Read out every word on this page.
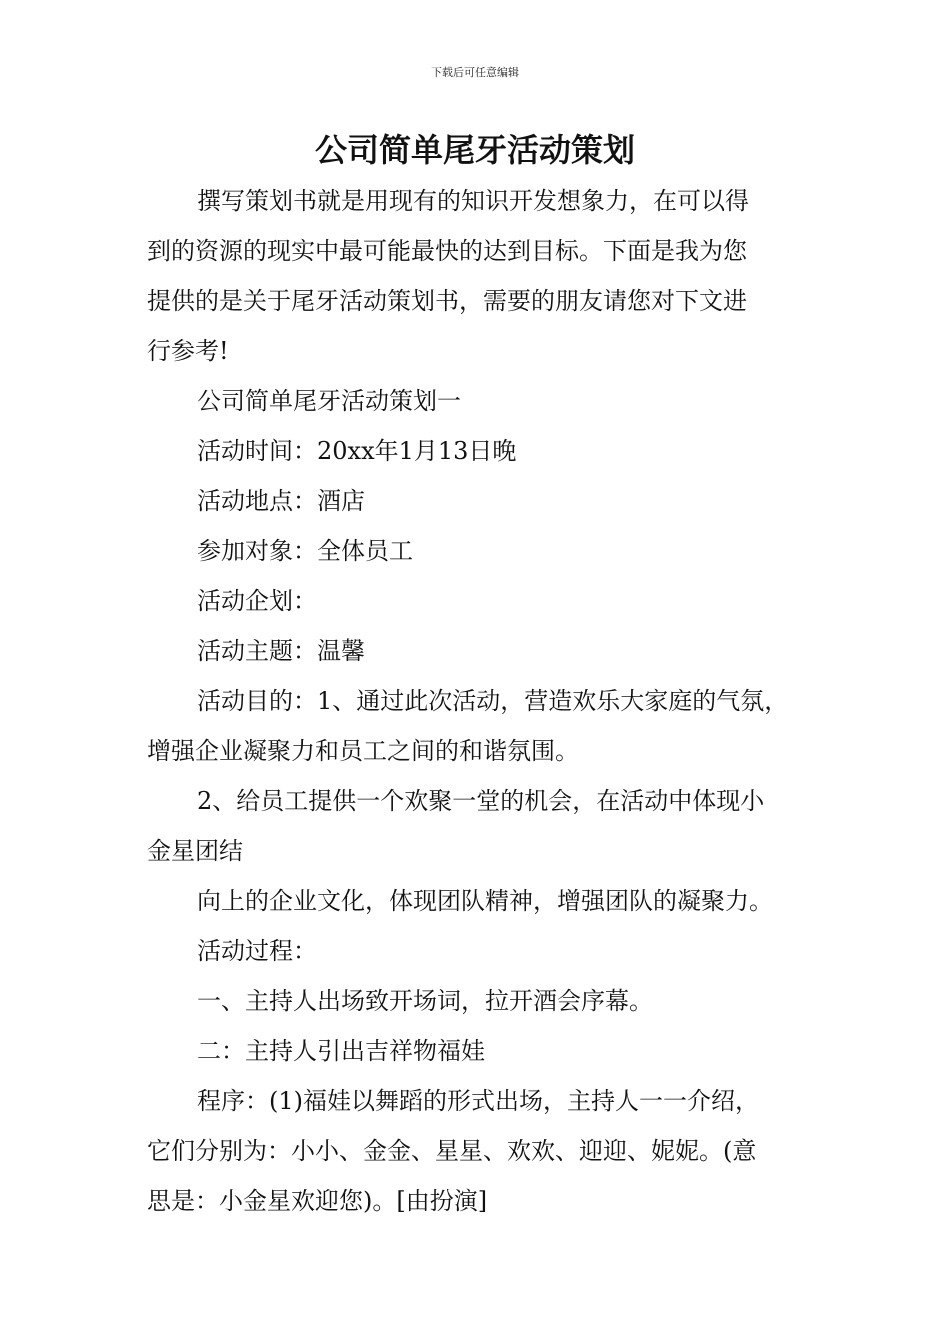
下载后可任意编辑
公司简单尾牙活动策划
撰写策划书就是用现有的知识开发想象力，在可以得
到的资源的现实中最可能最快的达到目标。下面是我为您
提供的是关于尾牙活动策划书，需要的朋友请您对下文进
行参考!
公司简单尾牙活动策划一
活动时间：20xx年1月13日晚
活动地点：酒店
参加对象：全体员工
活动企划：
活动主题：温馨
活动目的：1、通过此次活动，营造欢乐大家庭的气氛，
增强企业凝聚力和员工之间的和谐氛围。
2、给员工提供一个欢聚一堂的机会，在活动中体现小
金星团结
向上的企业文化，体现团队精神，增强团队的凝聚力。
活动过程：
一、主持人出场致开场词，拉开酒会序幕。
二：主持人引出吉祥物福娃
程序：(1)福娃以舞蹈的形式出场，主持人一一介绍，
它们分别为：小小、金金、星星、欢欢、迎迎、妮妮。(意
思是：小金星欢迎您)。[由扮演]
